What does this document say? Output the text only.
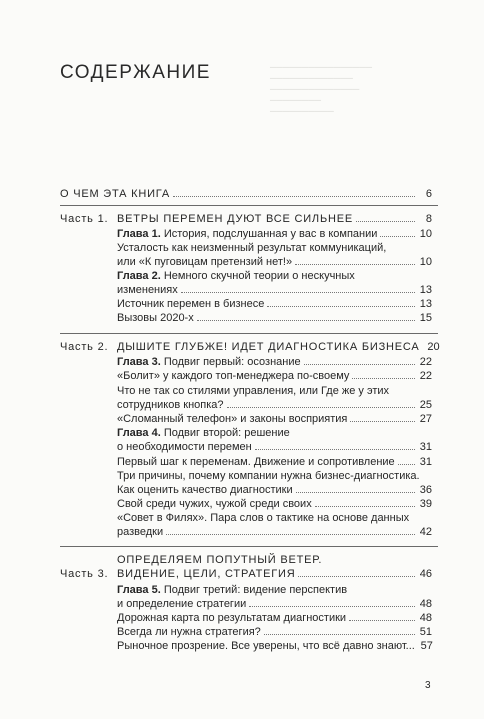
────────────────
─────────────
──────────────
────────
──────────
СОДЕРЖАНИЕ
О ЧЕМ ЭТА КНИГА	6
Часть 1. ВЕТРЫ ПЕРЕМЕН ДУЮТ ВСЕ СИЛЬНЕЕ	8
Глава 1. История, подслушанная у вас в компании	10
Усталость как неизменный результат коммуникаций,
или «К пуговицам претензий нет!»	10
Глава 2. Немного скучной теории о нескучных
изменениях	13
Источник перемен в бизнесе	13
Вызовы 2020-х	15
Часть 2. ДЫШИТЕ ГЛУБЖЕ! ИДЕТ ДИАГНОСТИКА БИЗНЕСА 20
Глава 3. Подвиг первый: осознание	22
«Болит» у каждого топ-менеджера по-своему	22
Что не так со стилями управления, или Где же у этих
сотрудников кнопка?	25
«Сломанный телефон» и законы восприятия	27
Глава 4. Подвиг второй: решение
о необходимости перемен	31
Первый шаг к переменам. Движение и сопротивление 31
Три причины, почему компании нужна бизнес-диагностика.
Как оценить качество диагностики	36
Свой среди чужих, чужой среди своих	39
«Совет в Филях». Пара слов о тактике на основе данных
разведки	42
Часть 3.
ОПРЕДЕЛЯЕМ ПОПУТНЫЙ ВЕТЕР.
ВИДЕНИЕ, ЦЕЛИ, СТРАТЕГИЯ	46
Глава 5. Подвиг третий: видение перспектив
и определение стратегии	48
Дорожная карта по результатам диагностики	48
Всегда ли нужна стратегия?	51
Рыночное прозрение. Все уверены, что всё давно знают... 57
3
